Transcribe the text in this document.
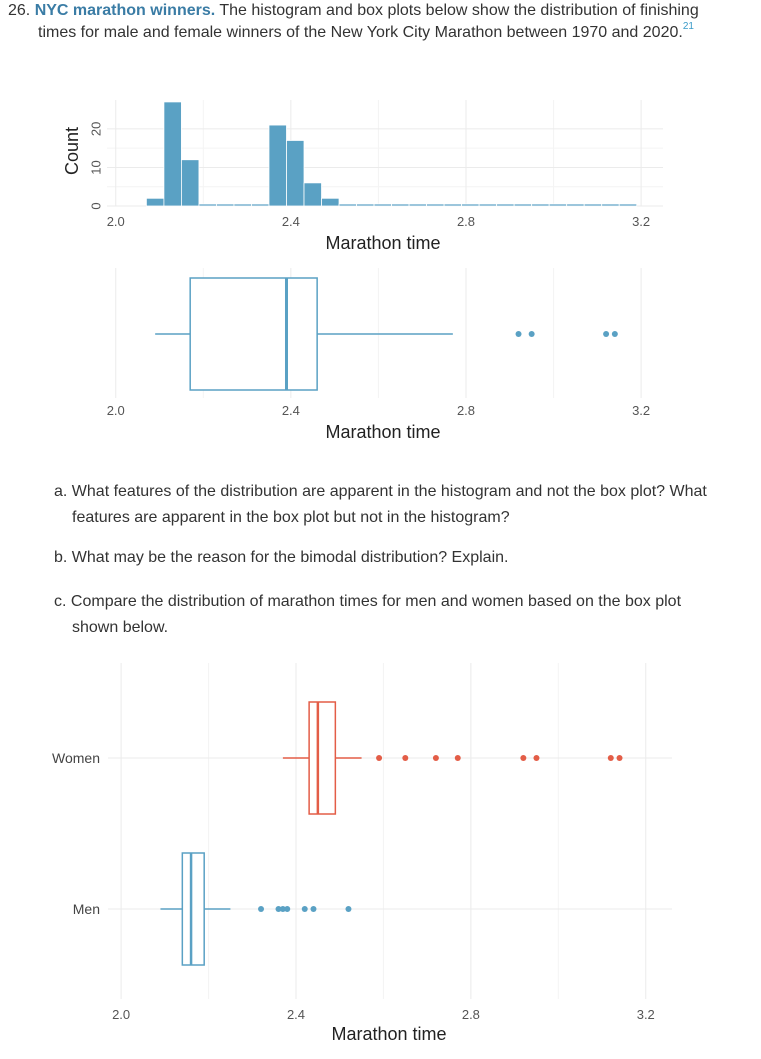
26. NYC marathon winners. The histogram and box plots below show the distribution of finishing
times for male and female winners of the New York City Marathon between 1970 and 2020.21
2.0	2.4	2.8	3.2
0
10
20
Marathon time
Count
2.0	2.4	2.8	3.2
Marathon time
a. What features of the distribution are apparent in the histogram and not the box plot? What
features are apparent in the box plot but not in the histogram?
b. What may be the reason for the bimodal distribution? Explain.
c. Compare the distribution of marathon times for men and women based on the box plot
shown below.
2.0	2.4	2.8	3.2
Women
Men
Marathon time
